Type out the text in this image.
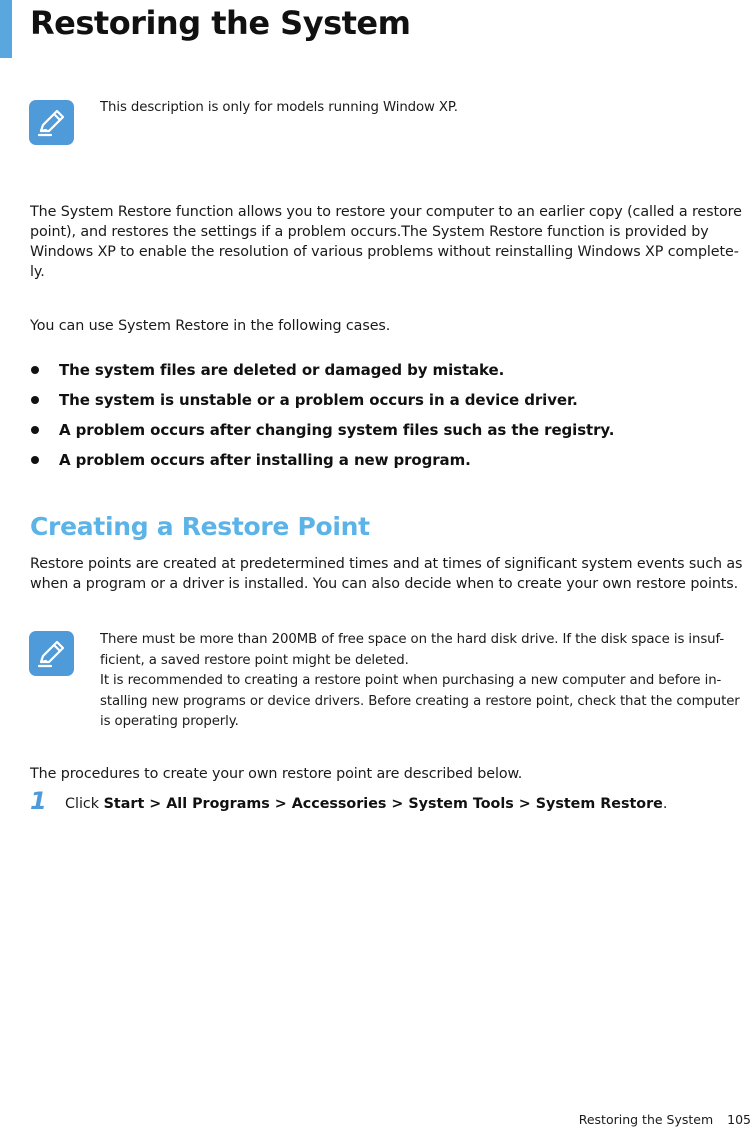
Restoring the System

This description is only for models running Window XP.

The System Restore function allows you to restore your computer to an earlier copy (called a restore point), and restores the settings if a problem occurs.The System Restore function is provided by Windows XP to enable the resolution of various problems without reinstalling Windows XP complete-ly.

You can use System Restore in the following cases.

The system files are deleted or damaged by mistake.
The system is unstable or a problem occurs in a device driver.
A problem occurs after changing system files such as the registry.
A problem occurs after installing a new program.
Creating a Restore Point

Restore points are created at predetermined times and at times of significant system events such as when a program or a driver is installed. You can also decide when to create your own restore points.

There must be more than 200MB of free space on the hard disk drive. If the disk space is insuf-ficient, a saved restore point might be deleted.

It is recommended to creating a restore point when purchasing a new computer and before in-stalling new programs or device drivers. Before creating a restore point, check that the computer is operating properly.

The procedures to create your own restore point are described below.

1 Click Start > All Programs > Accessories > System Tools > System Restore.
Restoring the System 105
